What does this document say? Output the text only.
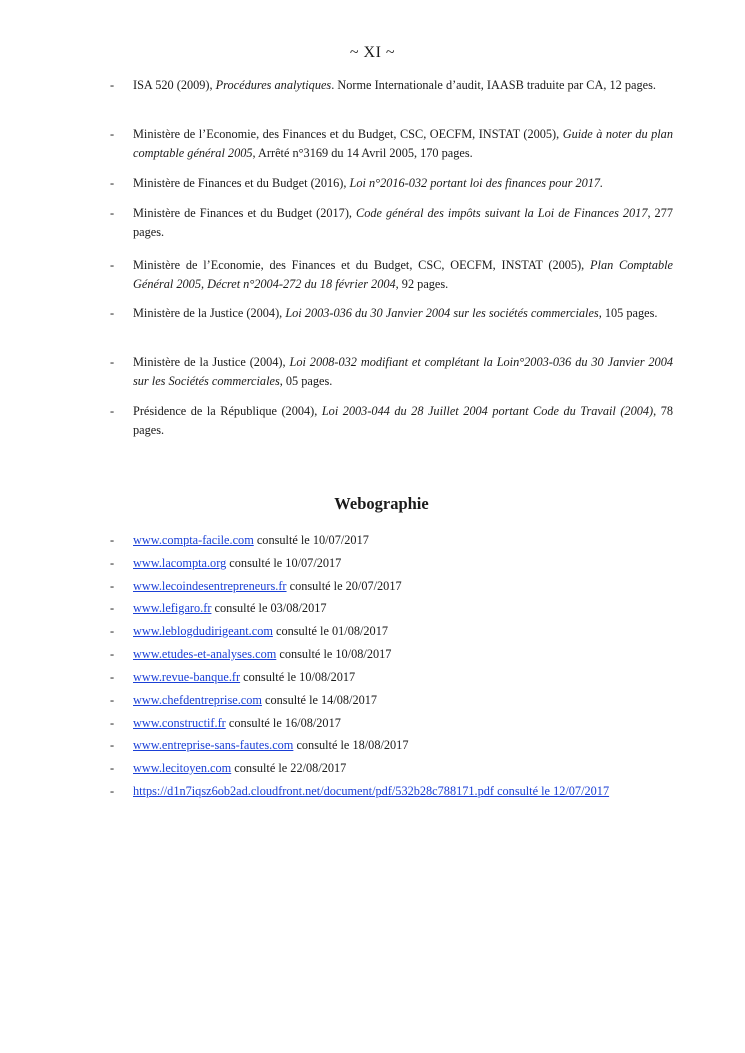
~ XI ~
- ISA 520 (2009), Procédures analytiques. Norme Internationale d’audit, IAASB traduite par CA, 12 pages.
- Ministère de l’Economie, des Finances et du Budget, CSC, OECFM, INSTAT (2005), Guide à noter du plan comptable général 2005, Arrêté n°3169 du 14 Avril 2005, 170 pages.
- Ministère de Finances et du Budget (2016), Loi n°2016-032 portant loi des finances pour 2017.
- Ministère de Finances et du Budget (2017), Code général des impôts suivant la Loi de Finances 2017, 277 pages.
- Ministère de l’Economie, des Finances et du Budget, CSC, OECFM, INSTAT (2005), Plan Comptable Général 2005, Décret n°2004-272 du 18 février 2004, 92 pages.
- Ministère de la Justice (2004), Loi 2003-036 du 30 Janvier 2004 sur les sociétés commerciales, 105 pages.
- Ministère de la Justice (2004), Loi 2008-032 modifiant et complétant la Loin°2003-036 du 30 Janvier 2004 sur les Sociétés commerciales, 05 pages.
- Présidence de la République (2004), Loi 2003-044 du 28 Juillet 2004 portant Code du Travail (2004), 78 pages.
Webographie
- www.compta-facile.com consulté le 10/07/2017
- www.lacompta.org consulté le 10/07/2017
- www.lecoindesentrepreneurs.fr consulté le 20/07/2017
- www.lefigaro.fr consulté le 03/08/2017
- www.leblogdudirigeant.com consulté le 01/08/2017
- www.etudes-et-analyses.com consulté le 10/08/2017
- www.revue-banque.fr consulté le 10/08/2017
- www.chefdentreprise.com consulté le 14/08/2017
- www.constructif.fr consulté le 16/08/2017
- www.entreprise-sans-fautes.com consulté le 18/08/2017
- www.lecitoyen.com consulté le 22/08/2017
- https://d1n7iqsz6ob2ad.cloudfront.net/document/pdf/532b28c788171.pdf consulté le 12/07/2017
